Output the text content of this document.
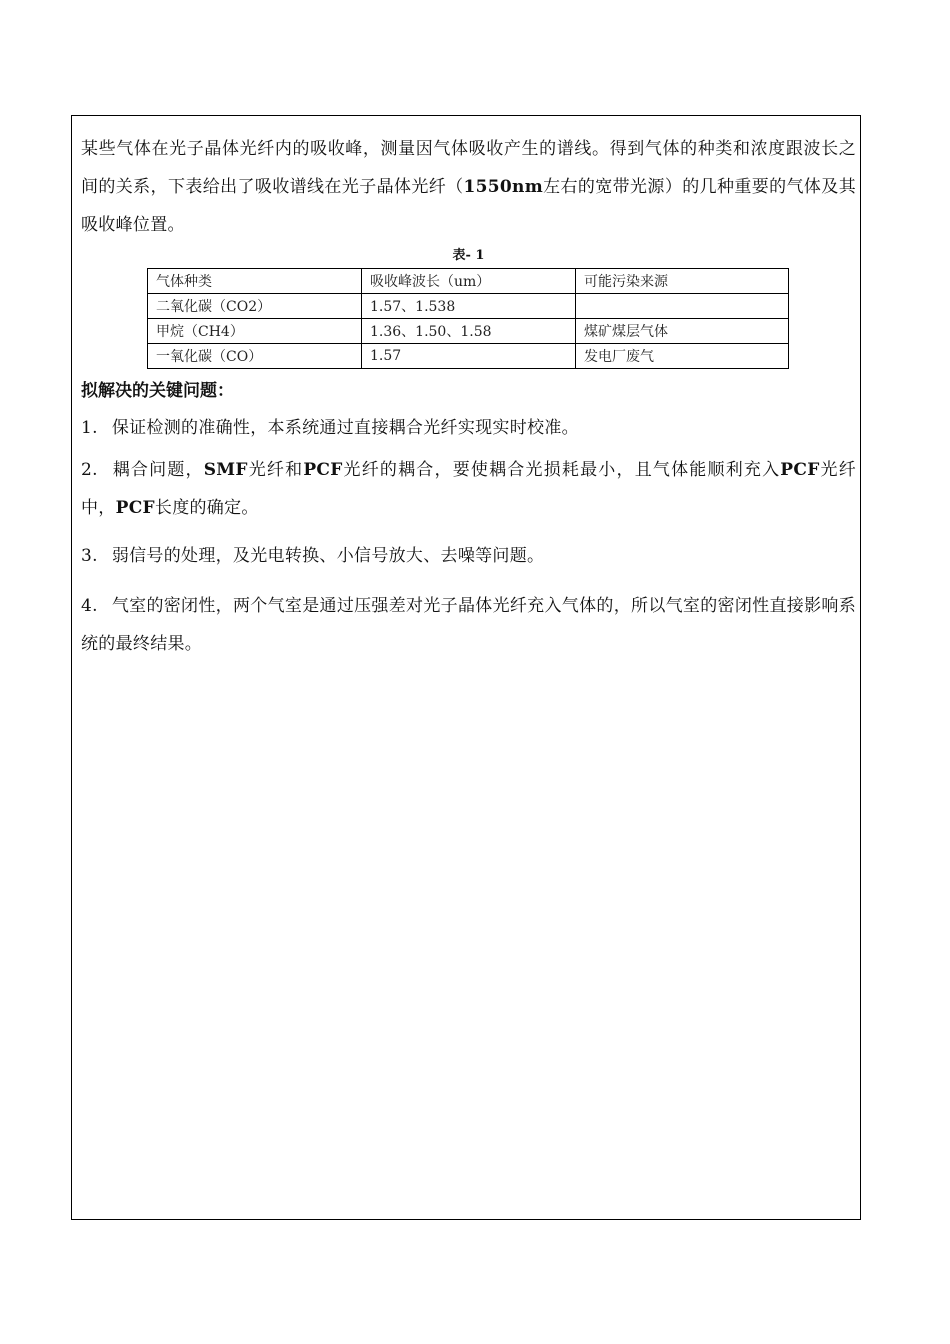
某些气体在光子晶体光纤内的吸收峰，测量因气体吸收产生的谱线。得到气体的种类和浓度跟波长之间的关系，下表给出了吸收谱线在光子晶体光纤（1550nm左右的宽带光源）的几种重要的气体及其吸收峰位置。

表- 1
气体种类	吸收峰波长（um）	可能污染来源
二氧化碳（CO2）	1.57、1.538	
甲烷（CH4）	1.36、1.50、1.58	煤矿煤层气体
一氧化碳（CO）	1.57	发电厂废气
拟解决的关键问题：

1. 保证检测的准确性，本系统通过直接耦合光纤实现实时校准。

2. 耦合问题，SMF光纤和PCF光纤的耦合，要使耦合光损耗最小，且气体能顺利充入PCF光纤中，PCF长度的确定。

3. 弱信号的处理，及光电转换、小信号放大、去噪等问题。

4. 气室的密闭性，两个气室是通过压强差对光子晶体光纤充入气体的，所以气室的密闭性直接影响系统的最终结果。
